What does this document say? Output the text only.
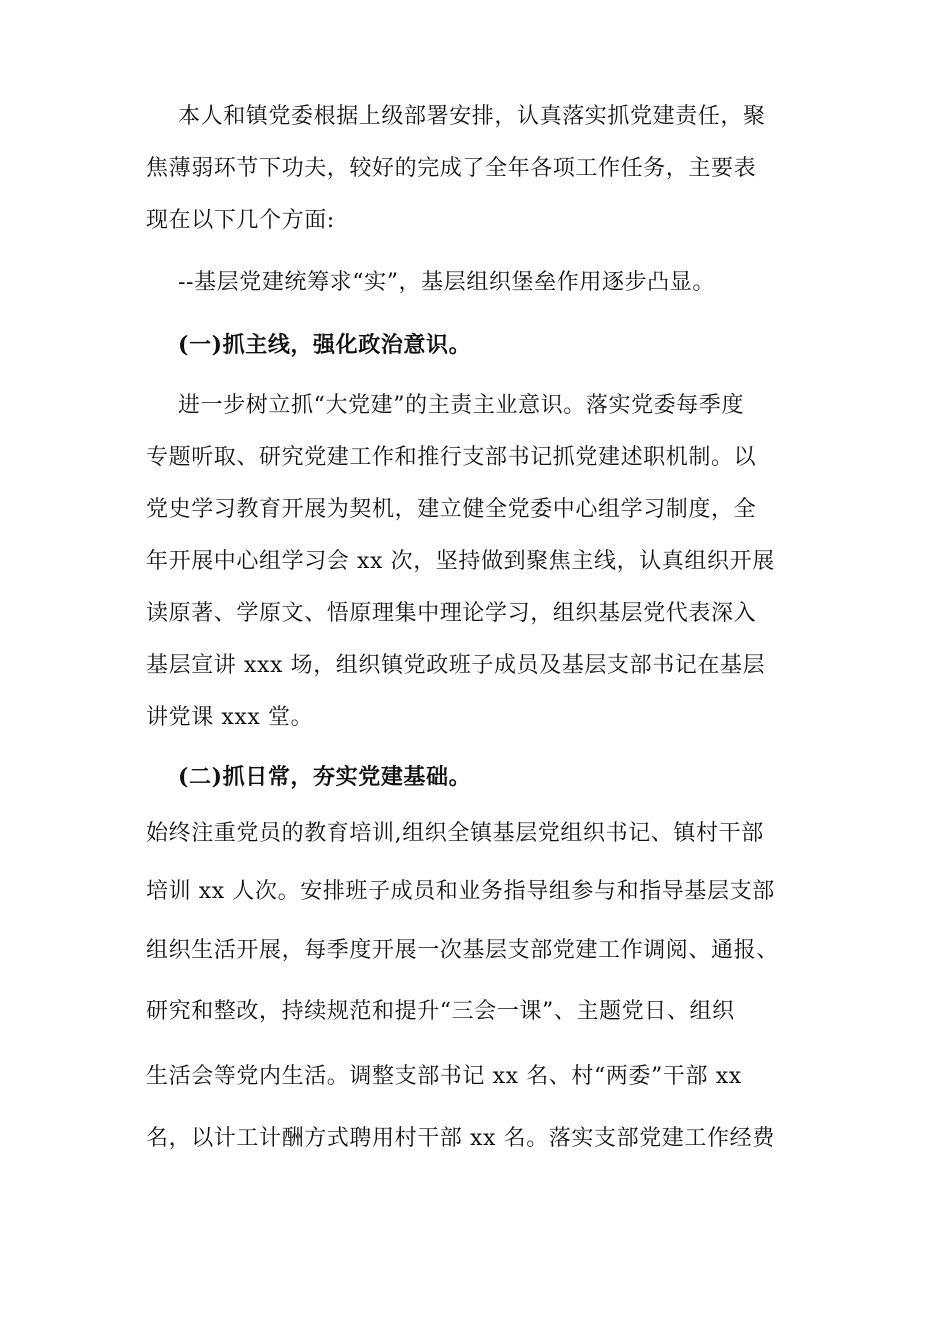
本人和镇党委根据上级部署安排，认真落实抓党建责任，聚
焦薄弱环节下功夫，较好的完成了全年各项工作任务，主要表
现在以下几个方面:
--基层党建统筹求“实”，基层组织堡垒作用逐步凸显。
(一)抓主线，强化政治意识。
进一步树立抓“大党建”的主责主业意识。落实党委每季度
专题听取、研究党建工作和推行支部书记抓党建述职机制。以
党史学习教育开展为契机，建立健全党委中心组学习制度，全
年开展中心组学习会 xx 次，坚持做到聚焦主线，认真组织开展
读原著、学原文、悟原理集中理论学习，组织基层党代表深入
基层宣讲 xxx 场，组织镇党政班子成员及基层支部书记在基层
讲党课 xxx 堂。
(二)抓日常，夯实党建基础。
始终注重党员的教育培训,组织全镇基层党组织书记、镇村干部
培训 xx 人次。安排班子成员和业务指导组参与和指导基层支部
组织生活开展，每季度开展一次基层支部党建工作调阅、通报、
研究和整改，持续规范和提升“三会一课”、主题党日、组织
生活会等党内生活。调整支部书记 xx 名、村“两委”干部 xx
名，以计工计酬方式聘用村干部 xx 名。落实支部党建工作经费
